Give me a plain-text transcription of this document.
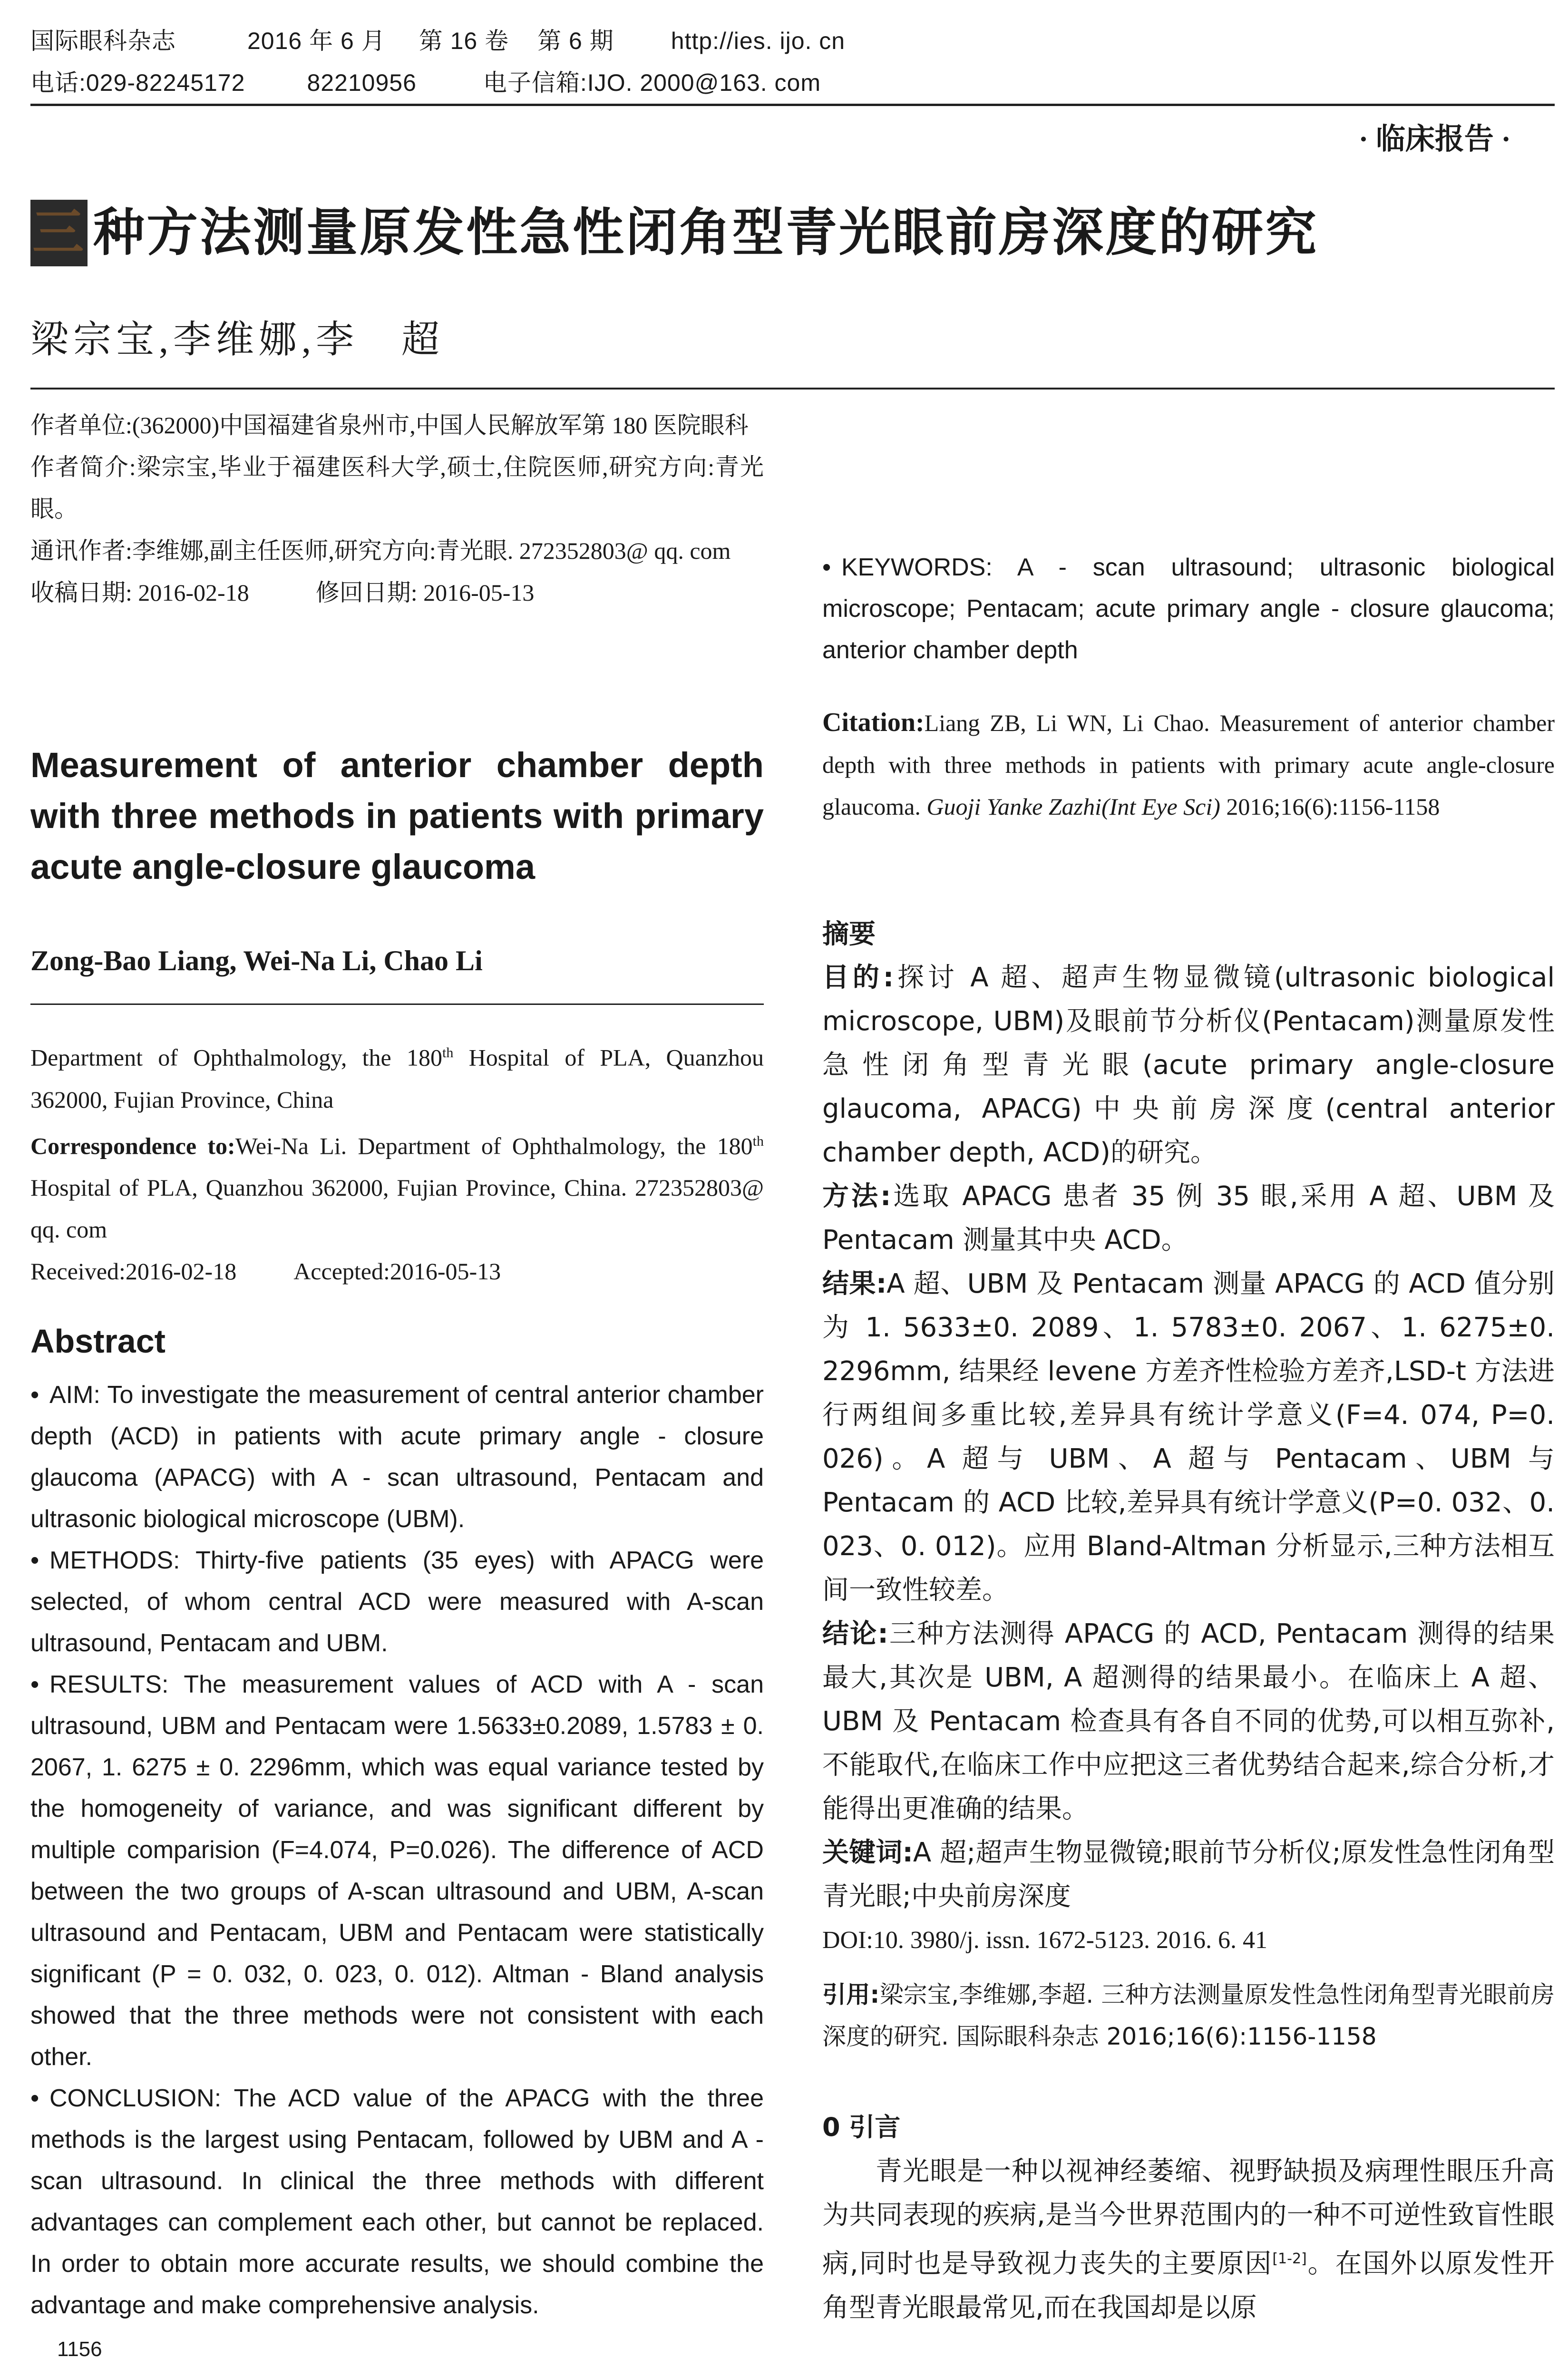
国际眼科杂志	2016 年 6 月 第 16 卷 第 6 期 http://ies. ijo. cn
电话:029-82245172	82210956	电子信箱:IJO. 2000@163. com
· 临床报告 ·
三 种方法测量原发性急性闭角型青光眼前房深度的研究
梁宗宝,李维娜,李　超

作者单位:(362000)中国福建省泉州市,中国人民解放军第 180 医院眼科

作者简介:梁宗宝,毕业于福建医科大学,硕士,住院医师,研究方向:青光眼。

通讯作者:李维娜,副主任医师,研究方向:青光眼. 272352803@ qq. com

收稿日期: 2016-02-18	修回日期: 2016-05-13

Measurement of anterior chamber depth with three methods in patients with primary acute angle-closure glaucoma
Zong-Bao Liang, Wei-Na Li, Chao Li

Department of Ophthalmology, the 180th Hospital of PLA, Quanzhou 362000, Fujian Province, China

Correspondence to:Wei-Na Li. Department of Ophthalmology, the 180th Hospital of PLA, Quanzhou 362000, Fujian Province, China. 272352803@ qq. com

Received:2016-02-18 Accepted:2016-05-13

Abstract

• AIM: To investigate the measurement of central anterior chamber depth (ACD) in patients with acute primary angle - closure glaucoma (APACG) with A - scan ultrasound, Pentacam and ultrasonic biological microscope (UBM).

• METHODS: Thirty-five patients (35 eyes) with APACG were selected, of whom central ACD were measured with A-scan ultrasound, Pentacam and UBM.

• RESULTS: The measurement values of ACD with A - scan ultrasound, UBM and Pentacam were 1.5633±0.2089, 1.5783 ± 0. 2067, 1. 6275 ± 0. 2296mm, which was equal variance tested by the homogeneity of variance, and was significant different by multiple comparision (F=4.074, P=0.026). The difference of ACD between the two groups of A-scan ultrasound and UBM, A-scan ultrasound and Pentacam, UBM and Pentacam were statistically significant (P = 0. 032, 0. 023, 0. 012). Altman - Bland analysis showed that the three methods were not consistent with each other.

• CONCLUSION: The ACD value of the APACG with the three methods is the largest using Pentacam, followed by UBM and A - scan ultrasound. In clinical the three methods with different advantages can complement each other, but cannot be replaced. In order to obtain more accurate results, we should combine the advantage and make comprehensive analysis.

1156

• KEYWORDS: A - scan ultrasound; ultrasonic biological microscope; Pentacam; acute primary angle - closure glaucoma; anterior chamber depth

Citation:Liang ZB, Li WN, Li Chao. Measurement of anterior chamber depth with three methods in patients with primary acute angle-closure glaucoma. Guoji Yanke Zazhi(Int Eye Sci) 2016;16(6):1156-1158

摘要

目的:探讨 A 超、超声生物显微镜(ultrasonic biological microscope, UBM)及眼前节分析仪(Pentacam)测量原发性急性闭角型青光眼(acute primary angle-closure glaucoma, APACG)中央前房深度(central anterior chamber depth, ACD)的研究。

方法:选取 APACG 患者 35 例 35 眼,采用 A 超、UBM 及 Pentacam 测量其中央 ACD。

结果:A 超、UBM 及 Pentacam 测量 APACG 的 ACD 值分别为 1. 5633±0. 2089、1. 5783±0. 2067、1. 6275±0. 2296mm, 结果经 levene 方差齐性检验方差齐,LSD-t 方法进行两组间多重比较,差异具有统计学意义(F=4. 074, P=0. 026)。A 超与 UBM、A 超与 Pentacam、UBM 与 Pentacam 的 ACD 比较,差异具有统计学意义(P=0. 032、0. 023、0. 012)。应用 Bland-Altman 分析显示,三种方法相互间一致性较差。

结论:三种方法测得 APACG 的 ACD, Pentacam 测得的结果最大,其次是 UBM, A 超测得的结果最小。在临床上 A 超、UBM 及 Pentacam 检查具有各自不同的优势,可以相互弥补,不能取代,在临床工作中应把这三者优势结合起来,综合分析,才能得出更准确的结果。

关键词:A 超;超声生物显微镜;眼前节分析仪;原发性急性闭角型青光眼;中央前房深度

DOI:10. 3980/j. issn. 1672-5123. 2016. 6. 41

引用:梁宗宝,李维娜,李超. 三种方法测量原发性急性闭角型青光眼前房深度的研究. 国际眼科杂志 2016;16(6):1156-1158

0 引言

青光眼是一种以视神经萎缩、视野缺损及病理性眼压升高为共同表现的疾病,是当今世界范围内的一种不可逆性致盲性眼病,同时也是导致视力丧失的主要原因[1-2]。在国外以原发性开角型青光眼最常见,而在我国却是以原
